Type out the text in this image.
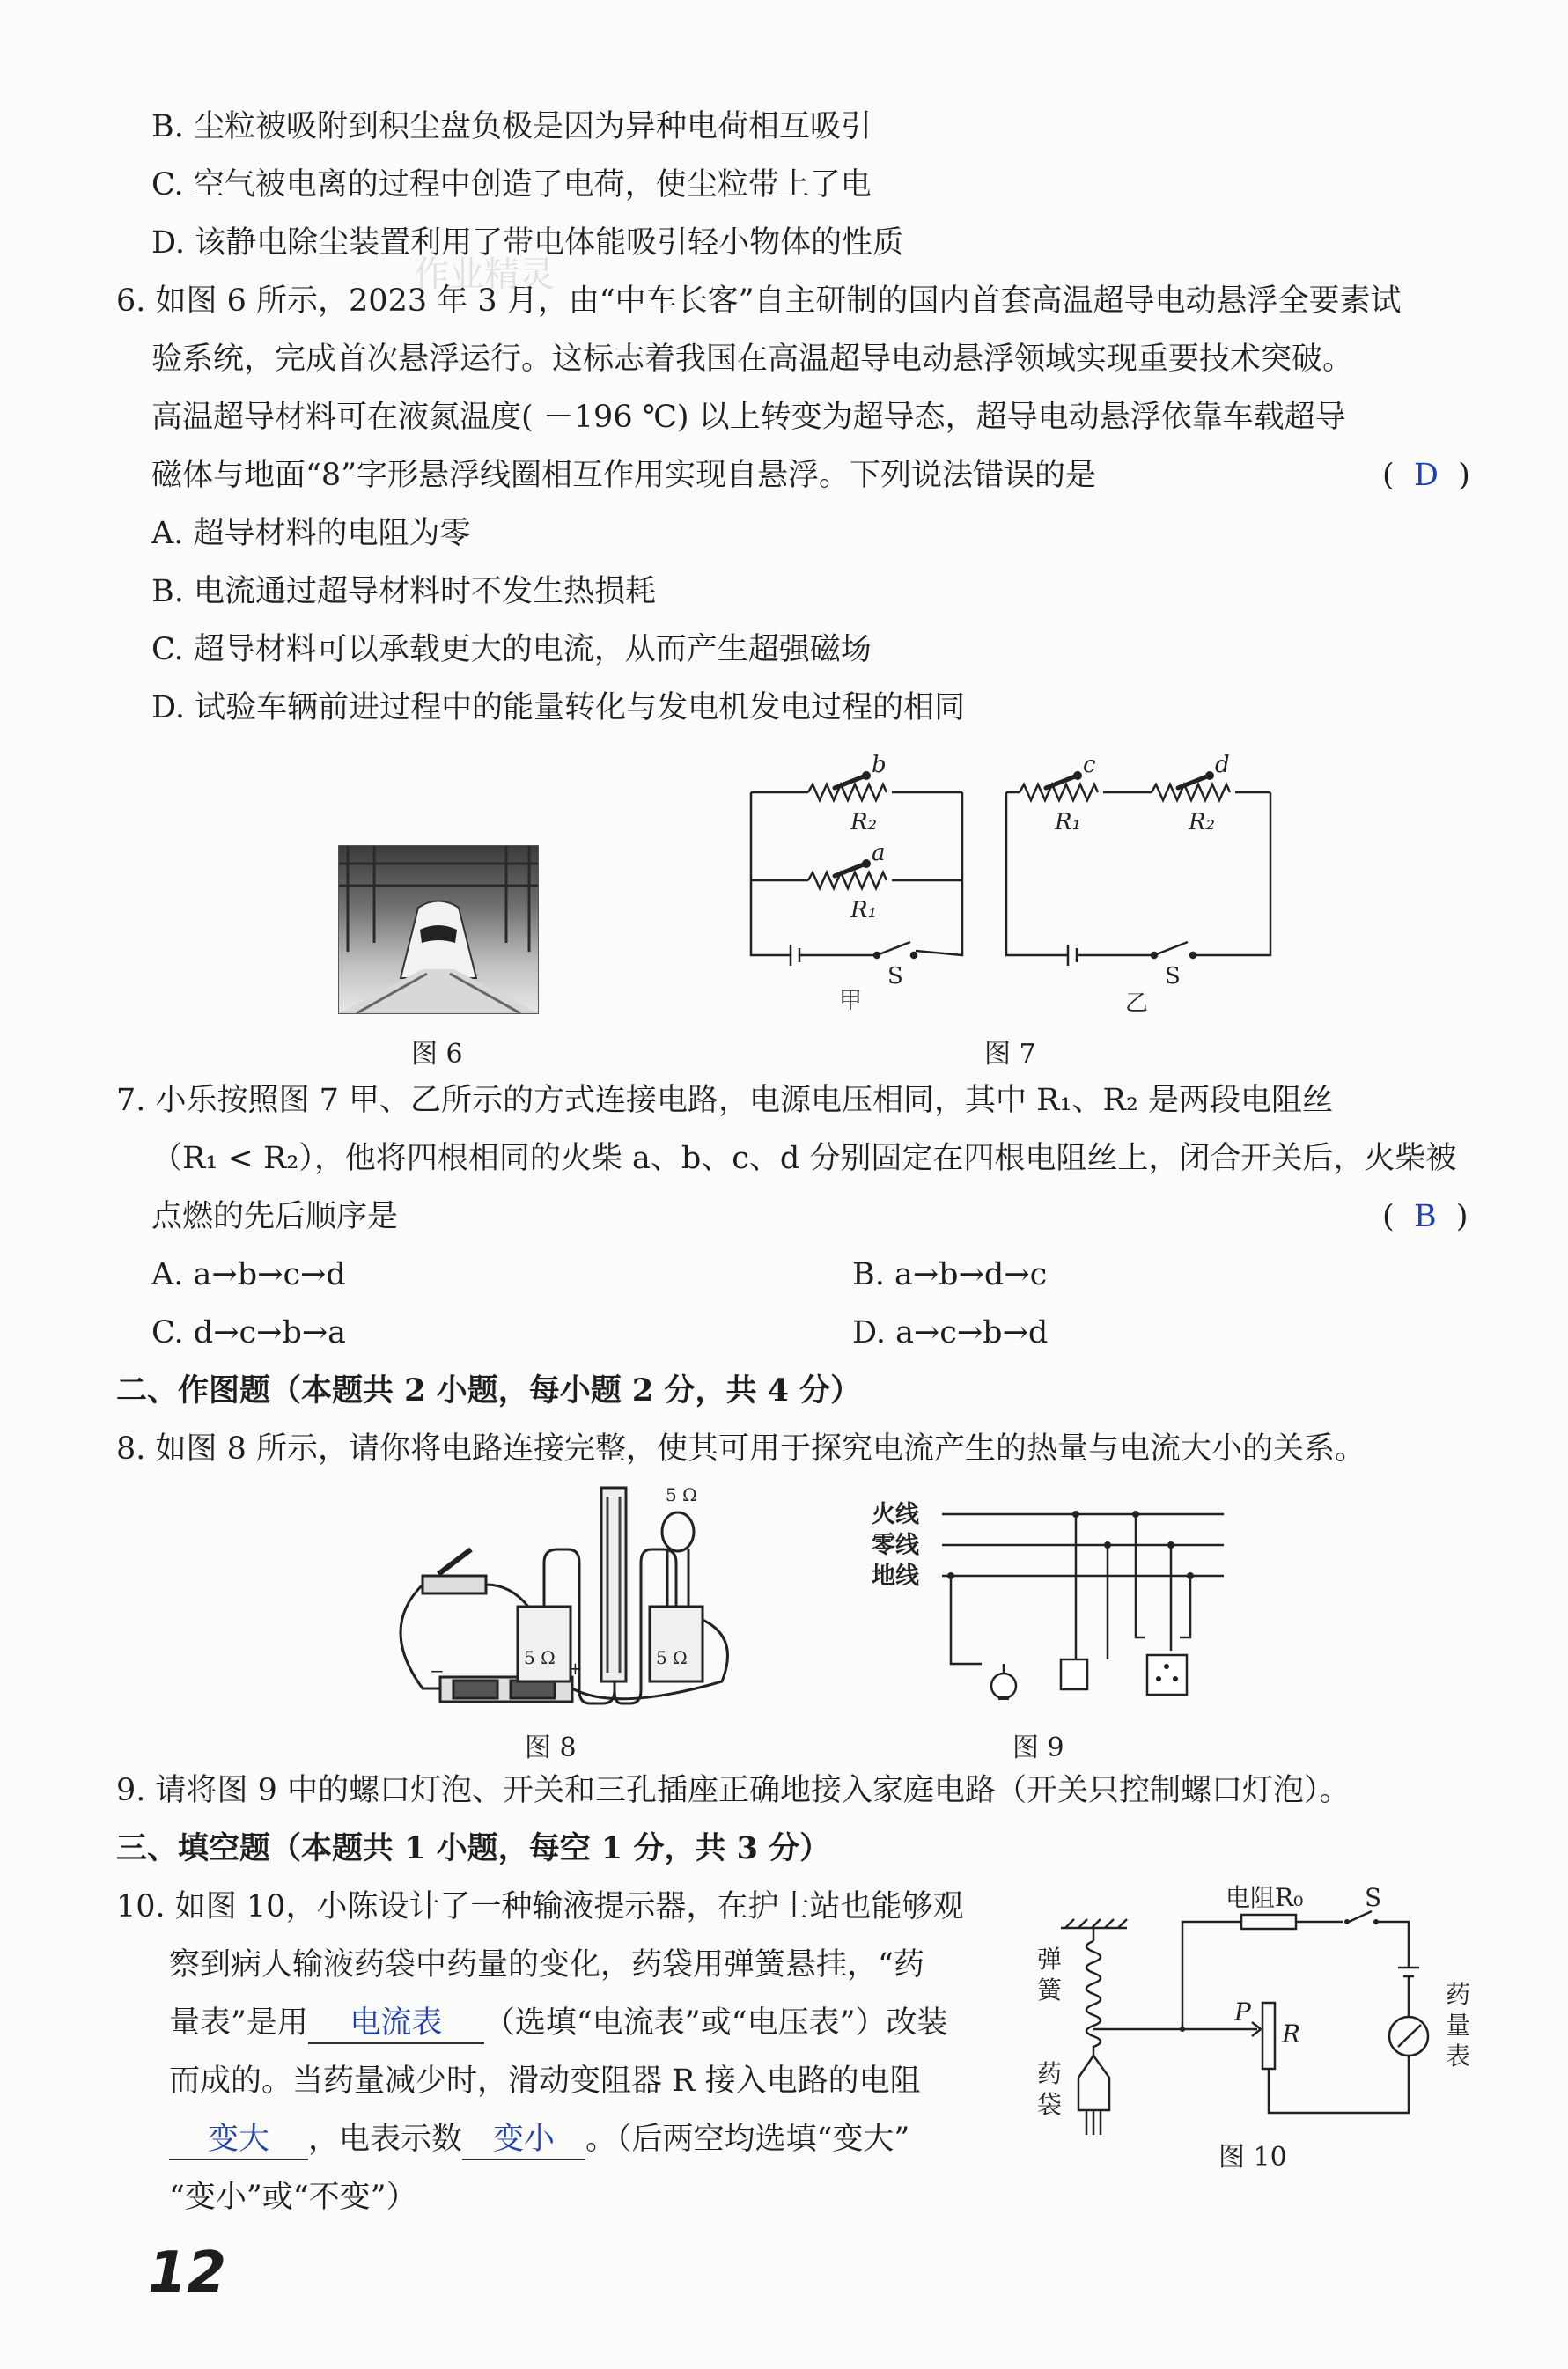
B. 尘粒被吸附到积尘盘负极是因为异种电荷相互吸引
C. 空气被电离的过程中创造了电荷，使尘粒带上了电
D. 该静电除尘装置利用了带电体能吸引轻小物体的性质
6. 如图 6 所示，2023 年 3 月，由“中车长客”自主研制的国内首套高温超导电动悬浮全要素试
验系统，完成首次悬浮运行。这标志着我国在高温超导电动悬浮领域实现重要技术突破。
高温超导材料可在液氮温度( －196 ℃) 以上转变为超导态，超导电动悬浮依靠车载超导
磁体与地面“8”字形悬浮线圈相互作用实现自悬浮。下列说法错误的是	(  D  )
A. 超导材料的电阻为零
B. 电流通过超导材料时不发生热损耗
C. 超导材料可以承载更大的电流，从而产生超强磁场
D. 试验车辆前进过程中的能量转化与发电机发电过程的相同
图 6
b
a
c	d
R₂
R₁
R₁	R₂
S	S
甲	乙
图 7
7. 小乐按照图 7 甲、乙所示的方式连接电路，电源电压相同，其中 R₁、R₂ 是两段电阻丝
（R₁ < R₂），他将四根相同的火柴 a、b、c、d 分别固定在四根电阻丝上，闭合开关后，火柴被
点燃的先后顺序是	(  B  )
A. a→b→c→d	B. a→b→d→c
C. d→c→b→a	D. a→c→b→d
二、作图题（本题共 2 小题，每小题 2 分，共 4 分）
8. 如图 8 所示，请你将电路连接完整，使其可用于探究电流产生的热量与电流大小的关系。
5 Ω
5 Ω	5 Ω
−	+
图 8
火线
零线
地线
图 9
9. 请将图 9 中的螺口灯泡、开关和三孔插座正确地接入家庭电路（开关只控制螺口灯泡）。
三、填空题（本题共 1 小题，每空 1 分，共 3 分）
10. 如图 10，小陈设计了一种输液提示器，在护士站也能够观
察到病人输液药袋中药量的变化，药袋用弹簧悬挂，“药
量表”是用 电流表 （选填“电流表”或“电压表”）改装
而成的。当药量减少时，滑动变阻器 R 接入电路的电阻
变大 ，电表示数 变小 。（后两空均选填“变大”
“变小”或“不变”）
电阻R₀ S
P
R
弹
簧
药
袋
药
量
表
图 10
作业精灵
12
